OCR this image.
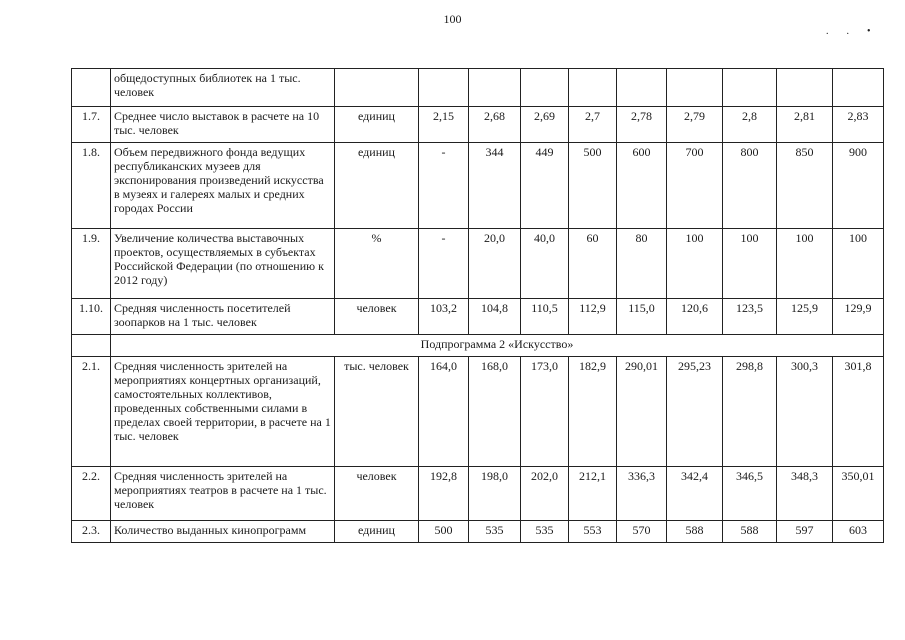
100
..•
	общедоступных библиотек на 1 тыс. человек										
1.7.	Среднее число выставок в расчете на 10 тыс. человек	единиц	2,15	2,68	2,69	2,7	2,78	2,79	2,8	2,81	2,83
1.8.	Объем передвижного фонда ведущих республиканских музеев для экспонирования произведений искусства в музеях и галереях малых и средних городах России	единиц	-	344	449	500	600	700	800	850	900
1.9.	Увеличение количества выставочных проектов, осуществляемых в субъектах Российской Федерации (по отношению к 2012 году)	%	-	20,0	40,0	60	80	100	100	100	100
1.10.	Средняя численность посетителей зоопарков на 1 тыс. человек	человек	103,2	104,8	110,5	112,9	115,0	120,6	123,5	125,9	129,9
	Подпрограмма 2 «Искусство»										
2.1.	Средняя численность зрителей на мероприятиях концертных организаций, самостоятельных коллективов, проведенных собственными силами в пределах своей территории, в расчете на 1 тыс. человек	тыс. человек	164,0	168,0	173,0	182,9	290,01	295,23	298,8	300,3	301,8
2.2.	Средняя численность зрителей на мероприятиях театров в расчете на 1 тыс. человек	человек	192,8	198,0	202,0	212,1	336,3	342,4	346,5	348,3	350,01
2.3.	Количество выданных кинопрограмм	единиц	500	535	535	553	570	588	588	597	603
